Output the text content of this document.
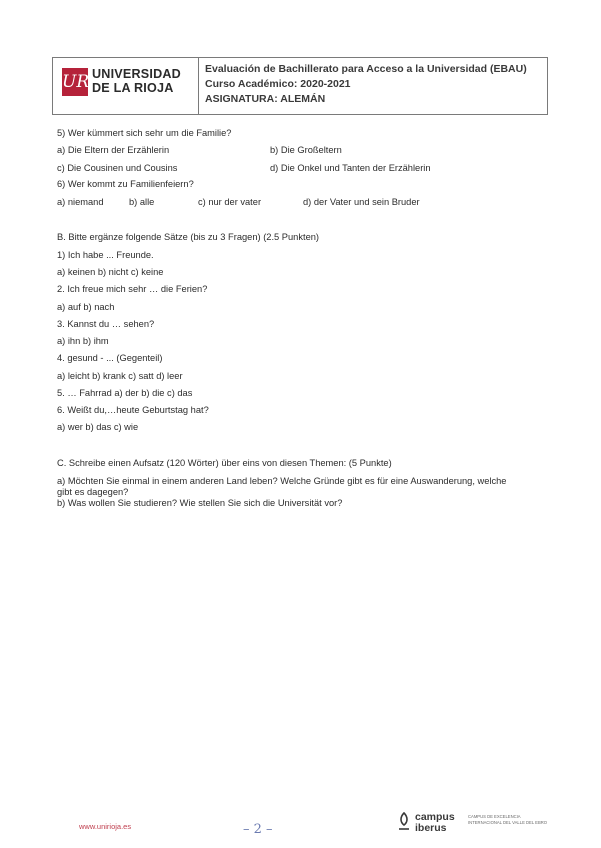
UR UNIVERSIDAD
DE LA RIOJA
Evaluación de Bachillerato para Acceso a la Universidad (EBAU)
Curso Académico: 2020-2021
ASIGNATURA: ALEMÁN
5) Wer kümmert sich sehr um die Familie?
a) Die Eltern der Erzählerin	b) Die Großeltern
c) Die Cousinen und Cousins	d) Die Onkel und Tanten der Erzählerin
6) Wer kommt zu Familienfeiern?
a) niemand	b) alle	c) nur der vater	d) der Vater und sein Bruder
B. Bitte ergänze folgende Sätze (bis zu 3 Fragen) (2.5 Punkten)
1) Ich habe ... Freunde.
a) keinen b) nicht c) keine
2. Ich freue mich sehr … die Ferien?
a) auf b) nach
3. Kannst du … sehen?
a) ihn b) ihm
4. gesund - ... (Gegenteil)
a) leicht b) krank c) satt d) leer
5. … Fahrrad a) der b) die c) das
6. Weißt du,…heute Geburtstag hat?
a) wer b) das c) wie
C. Schreibe einen Aufsatz (120 Wörter) über eins von diesen Themen: (5 Punkte)
a) Möchten Sie einmal in einem anderen Land leben? Welche Gründe gibt es für eine Auswanderung, welche
gibt es dagegen?
b) Was wollen Sie studieren? Wie stellen Sie sich die Universität vor?
www.unirioja.es	– 2 –
campus
iberus
CAMPUS DE EXCELENCIA INTERNACIONAL DEL VALLE DEL EBRO
